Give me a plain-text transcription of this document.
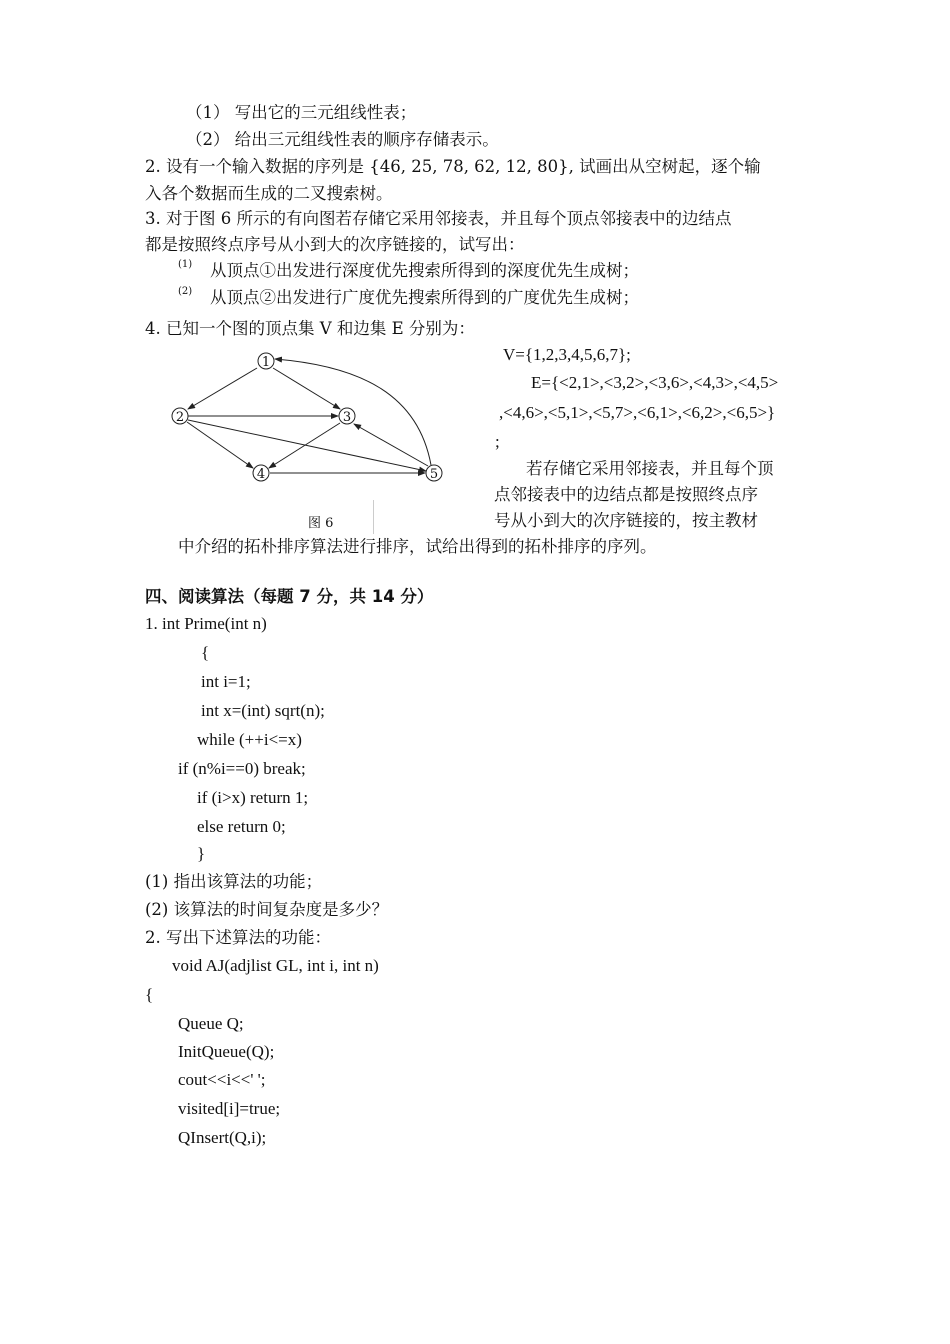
（1） 写出它的三元组线性表；
（2） 给出三元组线性表的顺序存储表示。
2. 设有一个输入数据的序列是 {46, 25, 78, 62, 12, 80}, 试画出从空树起，逐个输
入各个数据而生成的二叉搜索树。
3. 对于图 6 所示的有向图若存储它采用邻接表，并且每个顶点邻接表中的边结点
都是按照终点序号从小到大的次序链接的，试写出：
(1) 从顶点①出发进行深度优先搜索所得到的深度优先生成树；
(2) 从顶点②出发进行广度优先搜索所得到的广度优先生成树；
4. 已知一个图的顶点集 V 和边集 E 分别为：
1
2	3
4	5
图 6
V={1,2,3,4,5,6,7};
E={<2,1>,<3,2>,<3,6>,<4,3>,<4,5>
,<4,6>,<5,1>,<5,7>,<6,1>,<6,2>,<6,5>}
;
若存储它采用邻接表，并且每个顶
点邻接表中的边结点都是按照终点序
号从小到大的次序链接的，按主教材
中介绍的拓朴排序算法进行排序，试给出得到的拓朴排序的序列。
四、阅读算法（每题 7 分，共 14 分）
1. int Prime(int n)
{
int i=1;
int x=(int) sqrt(n);
while (++i<=x)
if (n%i==0) break;
if (i>x) return 1;
else return 0;
}
(1) 指出该算法的功能；
(2) 该算法的时间复杂度是多少？
2. 写出下述算法的功能：
void AJ(adjlist GL, int i, int n)
{
Queue Q;
InitQueue(Q);
cout<<i<<' ';
visited[i]=true;
QInsert(Q,i);
